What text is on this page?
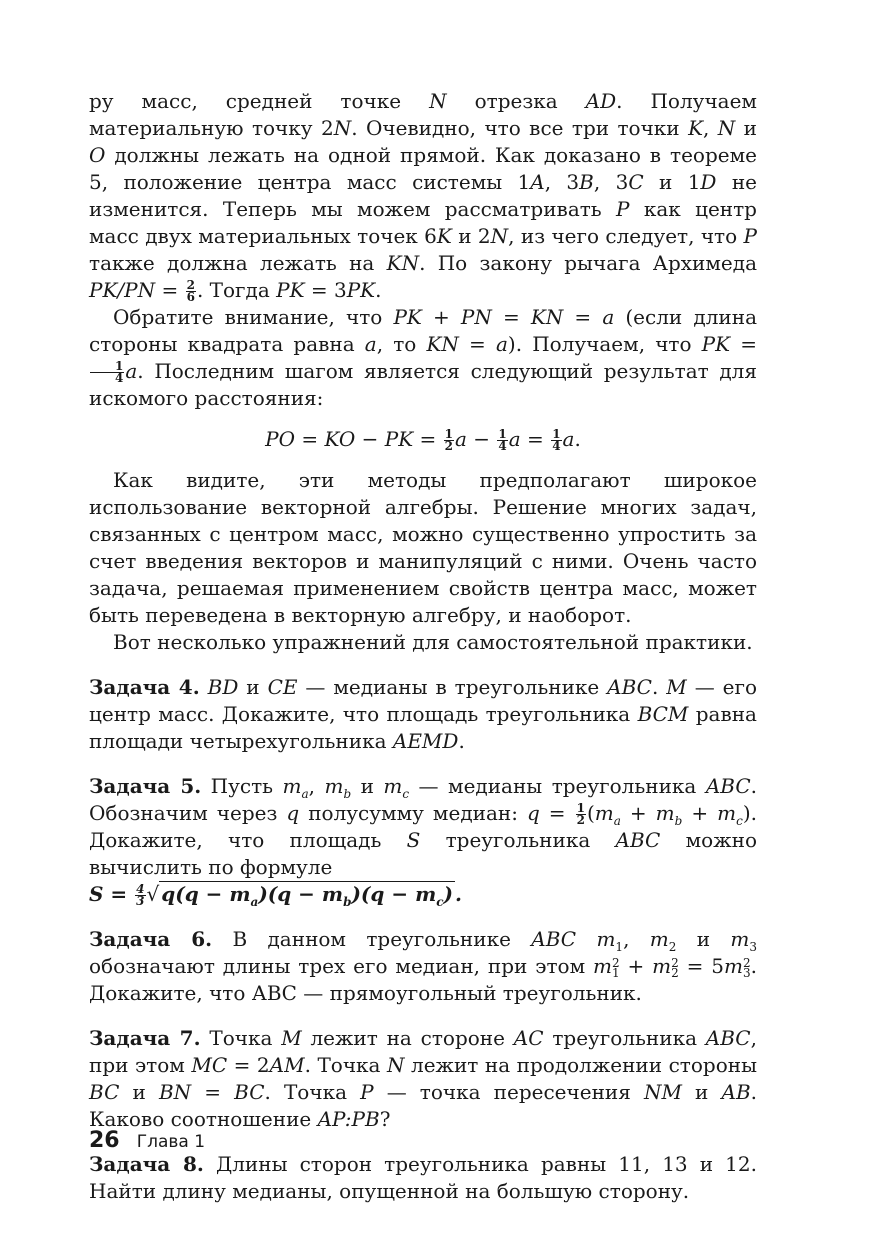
ру масс, средней точке N отрезка AD. Получаем материальную точку 2N. Очевидно, что все три точки K, N и O должны лежать на одной прямой. Как доказано в теореме 5, положение центра масс системы 1A, 3B, 3C и 1D не изменится. Теперь мы можем рассматривать P как центр масс двух материальных точек 6K и 2N, из чего следует, что P также должна лежать на KN. По закону рычага Архимеда $PK/PN = \frac{2}{6}$ . Тогда PK = 3PK.

Обратите внимание, что PK + PN = KN = a (если длина стороны квадрата равна a, то KN = a). Получаем, что PK =
$\frac{1}{4} a$. Последним шагом является следующий результат для искомого расстояния:

PO = KO − PK = $\frac{1}{2}$ $a - \frac{1}{4}$ $a = \frac{1}{4} a$.

Как видите, эти методы предполагают широкое использование векторной алгебры. Решение многих задач, связанных с центром масс, можно существенно упростить за счет введения векторов и манипуляций с ними. Очень часто задача, решаемая применением свойств центра масс, может быть переведена в векторную алгебру, и наоборот.

Вот несколько упражнений для самостоятельной практики.

Задача 4. BD и CE — медианы в треугольнике ABC. M — его центр масс. Докажите, что площадь треугольника BCM равна площади четырехугольника AEMD.

Задача 5. Пусть $m_a$, $m_b$ и $m_c$ — медианы треугольника ABC. Обозначим через q полусумму медиан: $q = \frac{1}{2} (m_a + m_b + m_c)$. Докажите, что площадь S треугольника ABC можно вычислить по формуле
$S = \frac{4}{3}$ √ $q(q - m_a)(q - m_b)(q - m_c)$ .

Задача 6. В данном треугольнике ABC $m_1$, $m_2$ и $m_3$ обозначают длины трех его медиан, при этом m 2
1 + m 2
2 = 5m 2
3 . Докажите, что АВС — прямоугольный треугольник.

Задача 7. Точка M лежит на стороне AC треугольника ABC, при этом MC = 2AM. Точка N лежит на продолжении стороны BC и BN = BC. Точка P — точка пересечения NM и AB. Каково соотношение AP:PB?

Задача 8. Длины сторон треугольника равны 11, 13 и 12. Найти длину медианы, опущенной на большую сторону.

26 Глава 1
